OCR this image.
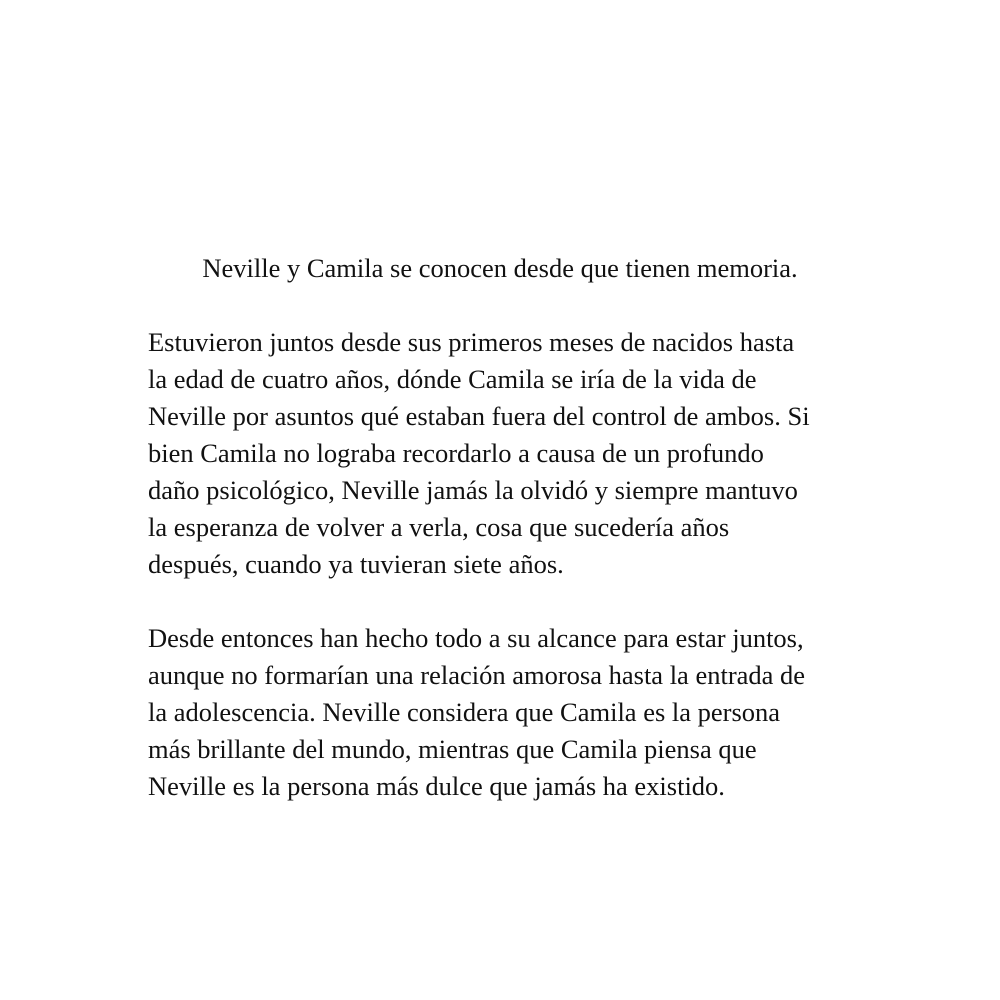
Neville y Camila se conocen desde que tienen memoria.

Estuvieron juntos desde sus primeros meses de nacidos hasta
la edad de cuatro años, dónde Camila se iría de la vida de
Neville por asuntos qué estaban fuera del control de ambos. Si
bien Camila no lograba recordarlo a causa de un profundo
daño psicológico, Neville jamás la olvidó y siempre mantuvo
la esperanza de volver a verla, cosa que sucedería años
después, cuando ya tuvieran siete años.

Desde entonces han hecho todo a su alcance para estar juntos,
aunque no formarían una relación amorosa hasta la entrada de
la adolescencia. Neville considera que Camila es la persona
más brillante del mundo, mientras que Camila piensa que
Neville es la persona más dulce que jamás ha existido.
